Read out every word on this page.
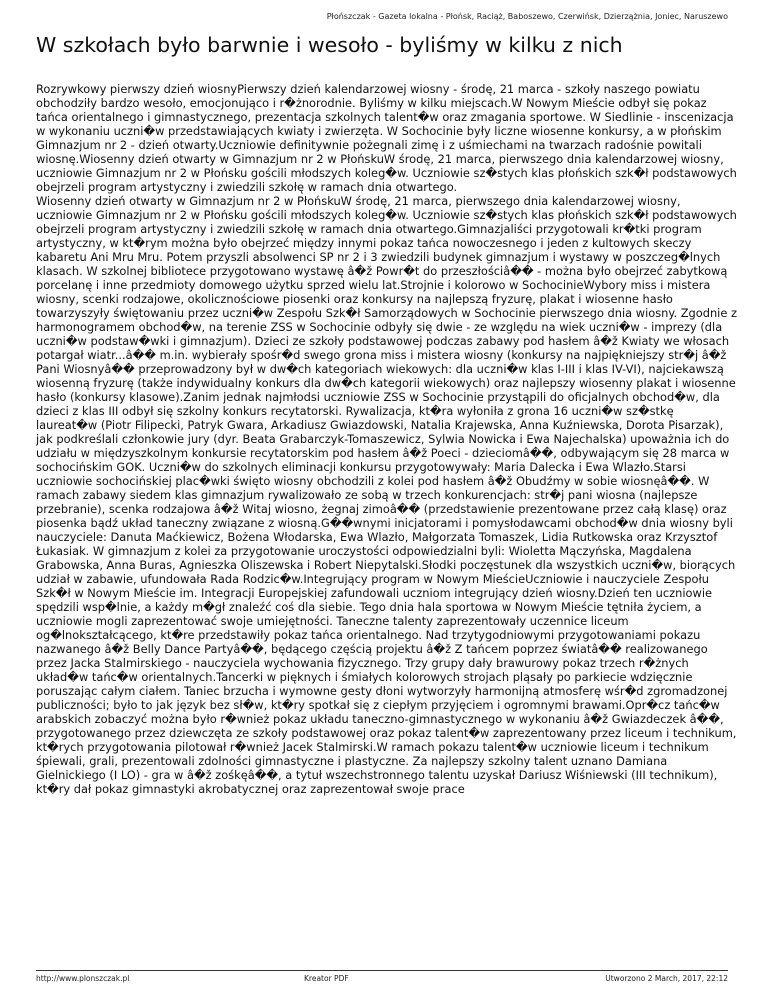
Płońszczak - Gazeta lokalna - Płońsk, Raciąż, Baboszewo, Czerwińsk, Dzierzążnia, Joniec, Naruszewo
W szkołach było barwnie i wesoło - byliśmy w kilku z nich

Rozrywkowy pierwszy dzień wiosnyPierwszy dzień kalendarzowej wiosny - środę, 21 marca - szkoły naszego powiatu obchodziły bardzo wesoło, emocjonująco i r�żnorodnie. Byliśmy w kilku miejscach.W Nowym Mieście odbył się pokaz tańca orientalnego i gimnastycznego, prezentacja szkolnych talent�w oraz zmagania sportowe. W Siedlinie - inscenizacja w wykonaniu uczni�w przedstawiających kwiaty i zwierzęta. W Sochocinie były liczne wiosenne konkursy, a w płońskim Gimnazjum nr 2 - dzień otwarty.Uczniowie definitywnie pożegnali zimę i z uśmiechami na twarzach radośnie powitali wiosnę.Wiosenny dzień otwarty w Gimnazjum nr 2 w PłońskuW środę, 21 marca, pierwszego dnia kalendarzowej wiosny, uczniowie Gimnazjum nr 2 w Płońsku gościli młodszych koleg�w. Uczniowie sz�stych klas płońskich szk�ł podstawowych obejrzeli program artystyczny i zwiedzili szkołę w ramach dnia otwartego.

Wiosenny dzień otwarty w Gimnazjum nr 2 w PłońskuW środę, 21 marca, pierwszego dnia kalendarzowej wiosny, uczniowie Gimnazjum nr 2 w Płońsku gościli młodszych koleg�w. Uczniowie sz�stych klas płońskich szk�ł podstawowych obejrzeli program artystyczny i zwiedzili szkołę w ramach dnia otwartego.Gimnazjaliści przygotowali kr�tki program artystyczny, w kt�rym można było obejrzeć między innymi pokaz tańca nowoczesnego i jeden z kultowych skeczy kabaretu Ani Mru Mru. Potem przyszli absolwenci SP nr 2 i 3 zwiedzili budynek gimnazjum i wystawy w poszczeg�lnych klasach. W szkolnej bibliotece przygotowano wystawę â�ž Powr�t do przeszłościâ�� - można było obejrzeć zabytkową porcelanę i inne przedmioty domowego użytku sprzed wielu lat.Strojnie i kolorowo w SochocinieWybory miss i mistera wiosny, scenki rodzajowe, okolicznościowe piosenki oraz konkursy na najlepszą fryzurę, plakat i wiosenne hasło towarzyszyły świętowaniu przez uczni�w Zespołu Szk�ł Samorządowych w Sochocinie pierwszego dnia wiosny. Zgodnie z harmonogramem obchod�w, na terenie ZSS w Sochocinie odbyły się dwie - ze względu na wiek uczni�w - imprezy (dla uczni�w podstaw�wki i gimnazjum). Dzieci ze szkoły podstawowej podczas zabawy pod hasłem â�ž Kwiaty we włosach potargał wiatr...â�� m.in. wybierały spośr�d swego grona miss i mistera wiosny (konkursy na najpiękniejszy str�j â�ž Pani Wiosnyâ�� przeprowadzony był w dw�ch kategoriach wiekowych: dla uczni�w klas I-III i klas IV-VI), najciekawszą wiosenną fryzurę (także indywidualny konkurs dla dw�ch kategorii wiekowych) oraz najlepszy wiosenny plakat i wiosenne hasło (konkursy klasowe).Zanim jednak najmłodsi uczniowie ZSS w Sochocinie przystąpili do oficjalnych obchod�w, dla dzieci z klas III odbył się szkolny konkurs recytatorski. Rywalizacja, kt�ra wyłoniła z grona 16 uczni�w sz�stkę laureat�w (Piotr Filipecki, Patryk Gwara, Arkadiusz Gwiazdowski, Natalia Krajewska, Anna Kuźniewska, Dorota Pisarzak), jak podkreślali członkowie jury (dyr. Beata Grabarczyk-Tomaszewicz, Sylwia Nowicka i Ewa Najechalska) upoważnia ich do udziału w międzyszkolnym konkursie recytatorskim pod hasłem â�ž Poeci - dzieciomâ��, odbywającym się 28 marca w sochocińskim GOK. Uczni�w do szkolnych eliminacji konkursu przygotowywały: Maria Dalecka i Ewa Wlazło.Starsi uczniowie sochocińskiej plac�wki święto wiosny obchodzili z kolei pod hasłem â�ž Obudźmy w sobie wiosnęâ��. W ramach zabawy siedem klas gimnazjum rywalizowało ze sobą w trzech konkurencjach: str�j pani wiosna (najlepsze przebranie), scenka rodzajowa â�ž Witaj wiosno, żegnaj zimoâ�� (przedstawienie prezentowane przez całą klasę) oraz piosenka bądź układ taneczny związane z wiosną.G��wnymi inicjatorami i pomysłodawcami obchod�w dnia wiosny byli nauczyciele: Danuta Maćkiewicz, Bożena Włodarska, Ewa Wlazło, Małgorzata Tomaszek, Lidia Rutkowska oraz Krzysztof Łukasiak. W gimnazjum z kolei za przygotowanie uroczystości odpowiedzialni byli: Wioletta Mączyńska, Magdalena Grabowska, Anna Buras, Agnieszka Oliszewska i Robert Niepytalski.Słodki poczęstunek dla wszystkich uczni�w, biorących udział w zabawie, ufundowała Rada Rodzic�w.Integrujący program w Nowym MieścieUczniowie i nauczyciele Zespołu Szk�ł w Nowym Mieście im. Integracji Europejskiej zafundowali uczniom integrujący dzień wiosny.Dzień ten uczniowie spędzili wsp�lnie, a każdy m�gł znaleźć coś dla siebie. Tego dnia hala sportowa w Nowym Mieście tętniła życiem, a uczniowie mogli zaprezentować swoje umiejętności. Taneczne talenty zaprezentowały uczennice liceum og�lnokształcącego, kt�re przedstawiły pokaz tańca orientalnego. Nad trzytygodniowymi przygotowaniami pokazu nazwanego â�ž Belly Dance Partyâ��, będącego częścią projektu â�ž Z tańcem poprzez światâ�� realizowanego przez Jacka Stalmirskiego - nauczyciela wychowania fizycznego. Trzy grupy dały brawurowy pokaz trzech r�żnych układ�w tańc�w orientalnych.Tancerki w pięknych i śmiałych kolorowych strojach pląsały po parkiecie wdzięcznie poruszając całym ciałem. Taniec brzucha i wymowne gesty dłoni wytworzyły harmonijną atmosferę wśr�d zgromadzonej publiczności; było to jak język bez sł�w, kt�ry spotkał się z ciepłym przyjęciem i ogromnymi brawami.Opr�cz tańc�w arabskich zobaczyć można było r�wnież pokaz układu taneczno-gimnastycznego w wykonaniu â�ž Gwiazdeczek â��, przygotowanego przez dziewczęta ze szkoły podstawowej oraz pokaz talent�w zaprezentowany przez liceum i technikum, kt�rych przygotowania pilotował r�wnież Jacek Stalmirski.W ramach pokazu talent�w uczniowie liceum i technikum śpiewali, grali, prezentowali zdolności gimnastyczne i plastyczne. Za najlepszy szkolny talent uznano Damiana Gielnickiego (I LO) - gra w â�ž zośkęâ��, a tytuł wszechstronnego talentu uzyskał Dariusz Wiśniewski (III technikum), kt�ry dał pokaz gimnastyki akrobatycznej oraz zaprezentował swoje prace

http://www.plonszczak.pl	Kreator PDF	Utworzono 2 March, 2017, 22:12
